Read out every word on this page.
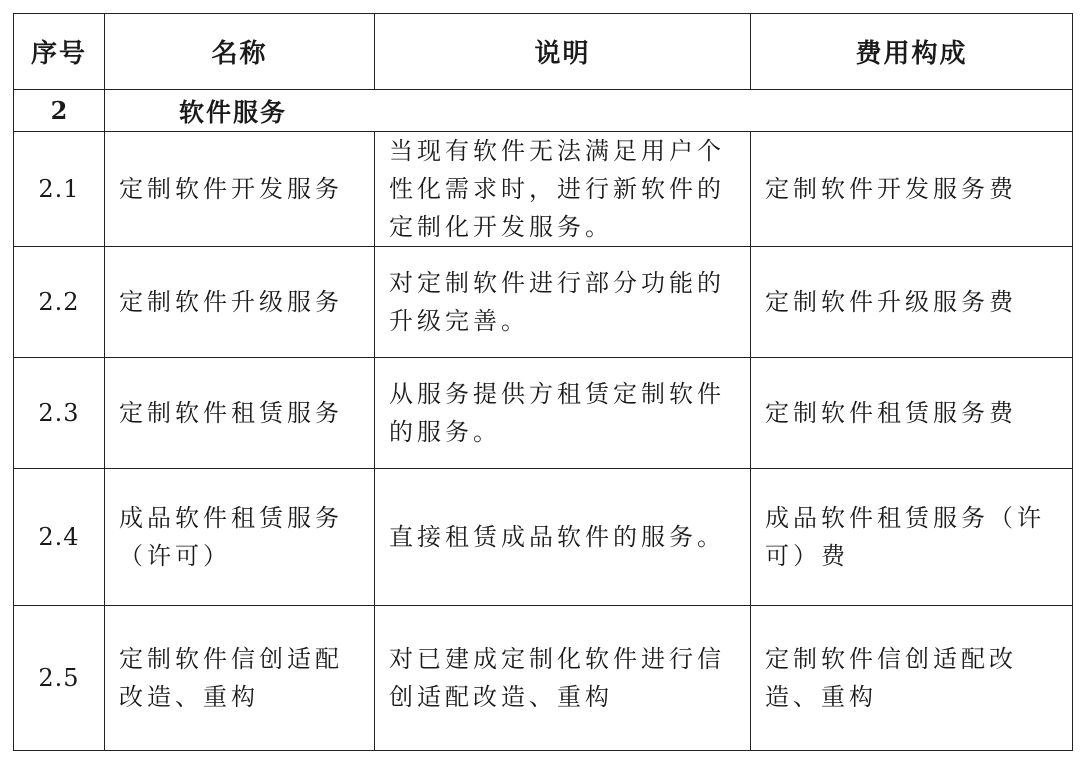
序号	名称	说明	费用构成
2	软件服务		
2.1	定制软件开发服务	当现有软件无法满足用户个性化需求时，进行新软件的定制化开发服务。	定制软件开发服务费
2.2	定制软件升级服务	对定制软件进行部分功能的升级完善。	定制软件升级服务费
2.3	定制软件租赁服务	从服务提供方租赁定制软件的服务。	定制软件租赁服务费
2.4	成品软件租赁服务（许可）	直接租赁成品软件的服务。	成品软件租赁服务（许可）费
2.5	定制软件信创适配改造、重构	对已建成定制化软件进行信创适配改造、重构	定制软件信创适配改造、重构
